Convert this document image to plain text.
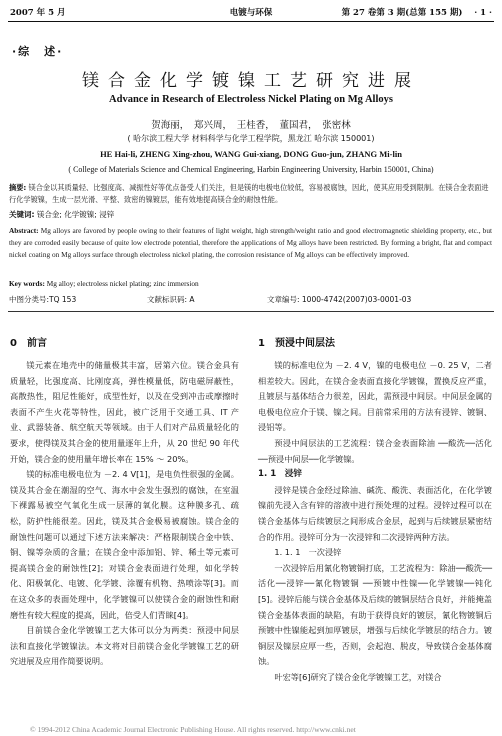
2007 年 5 月	电镀与环保	第 27 卷第 3 期(总第 155 期) · 1 ·
·综　述·
镁合金化学镀镍工艺研究进展
Advance in Research of Electroless Nickel Plating on Mg Alloys
贺海丽，　郑兴周，　王桂香，　董国君，　张密林
( 哈尔滨工程大学 材料科学与化学工程学院，黑龙江 哈尔滨 150001)
HE Hai-li, ZHENG Xing-zhou, WANG Gui-xiang, DONG Guo-jun, ZHANG Mi-lin
( College of Materials Science and Chemical Engineering, Harbin Engineering University, Harbin 150001, China)
摘要: 镁合金以其质量轻、比强度高、减振性好等优点备受人们关注，但是镁的电极电位较低，容易被腐蚀，因此，使其应用受到限制。在镁合金表面进行化学镀镍，生成一层光滑、平整、致密的镍镀层，能有效地提高镁合金的耐蚀性能。
关键词: 镁合金; 化学镀镍; 浸锌
Abstract: Mg alloys are favored by people owing to their features of light weight, high strength/weight ratio and good electromagnetic shielding property, etc., but they are corroded easily because of quite low electrode potential, therefore the applications of Mg alloys have been restricted. By forming a bright, flat and compact nickel coating on Mg alloys surface through electroless nickel plating, the corrosion resistance of Mg alloys can be effectively improved.
Key words: Mg alloy; electroless nickel plating; zinc immersion
中图分类号:TQ 153	文献标识码: A	文章编号: 1000-4742(2007)03-0001-03
0　前言	1　预浸中间层法

镁元素在地壳中的储量极其丰富，居第六位。镁合金具有质量轻，比强度高、比刚度高，弹性模量低，防电磁屏蔽性，高散热性，阻尼性能好，成型性好，以及在受到冲击或摩擦时表面不产生火花等特性，因此，被广泛用于交通工具、IT 产业、武器装备、航空航天等领域。由于人们对产品质量轻化的要求，使得镁及其合金的使用量逐年上升，从 20 世纪 90 年代开始，镁合金的使用量年增长率在 15% ～ 20%。

镁的标准电极电位为 －2. 4 V[1]，是电负性很强的金属。镁及其合金在潮湿的空气、海水中会发生强烈的腐蚀，在室温下裸露易被空气氧化生成一层薄的氧化膜。这种膜多孔、疏松，防护性能很差。因此，镁及其合金极易被腐蚀。镁合金的耐蚀性问题可以通过下述方法来解决：严格限制镁合金中铁、铜、镍等杂质的含量；在镁合金中添加铝、锌、稀土等元素可提高镁合金的耐蚀性[2]；对镁合金表面进行处理，如化学转化、阳极氧化、电镀、化学镀、涂覆有机物、热喷涂等[3]。而在这众多的表面处理中，化学镀镍可以使镁合金的耐蚀性和耐磨性有较大程度的提高，因此，倍受人们青睐[4]。

目前镁合金化学镀镍工艺大体可以分为两类：预浸中间层法和直接化学镀镍法。本文将对目前镁合金化学镀镍工艺的研究进展及应用作简要说明。

镁的标准电位为 －2. 4 V，镍的电极电位 －0. 25 V，二者相差较大。因此，在镁合金表面直接化学镀镍，置换反应严重，且镀层与基体结合力很差，因此，需预浸中间层。中间层金属的电极电位应介于镁、镍之间。目前常采用的方法有浸锌、镀铜、浸铝等。

预浸中间层法的工艺流程：镁合金表面除油 ──酸洗──活化──预浸中间层──化学镀镍。

1. 1　浸锌

浸锌是镁合金经过除油、碱洗、酸洗、表面活化，在化学镀镍前先浸入含有锌的溶液中进行预处理的过程。浸锌过程可以在镁合金基体与后续镀层之间形成合金层，起到与后续镀层紧密结合的作用。浸锌可分为一次浸锌和二次浸锌两种方法。

1. 1. 1　一次浸锌

一次浸锌后用氰化物镀铜打底，工艺流程为：除油──酸洗──活化──浸锌──氰化物镀铜 ──预镀中性镍──化学镀镍──钝化[5]。浸锌后能与镁合金基体及后续的镀铜层结合良好，并能掩盖镁合金基体表面的缺陷，有助于获得良好的镀层，氰化物镀铜后预镀中性镍能起到加厚镀层，增强与后续化学镀层的结合力。镀铜层及镍层应厚一些，否则，会起泡、脱皮，导致镁合金基体腐蚀。

叶宏等[6]研究了镁合金化学镀镍工艺，对镁合

© 1994-2012 China Academic Journal Electronic Publishing House. All rights reserved. http://www.cnki.net
